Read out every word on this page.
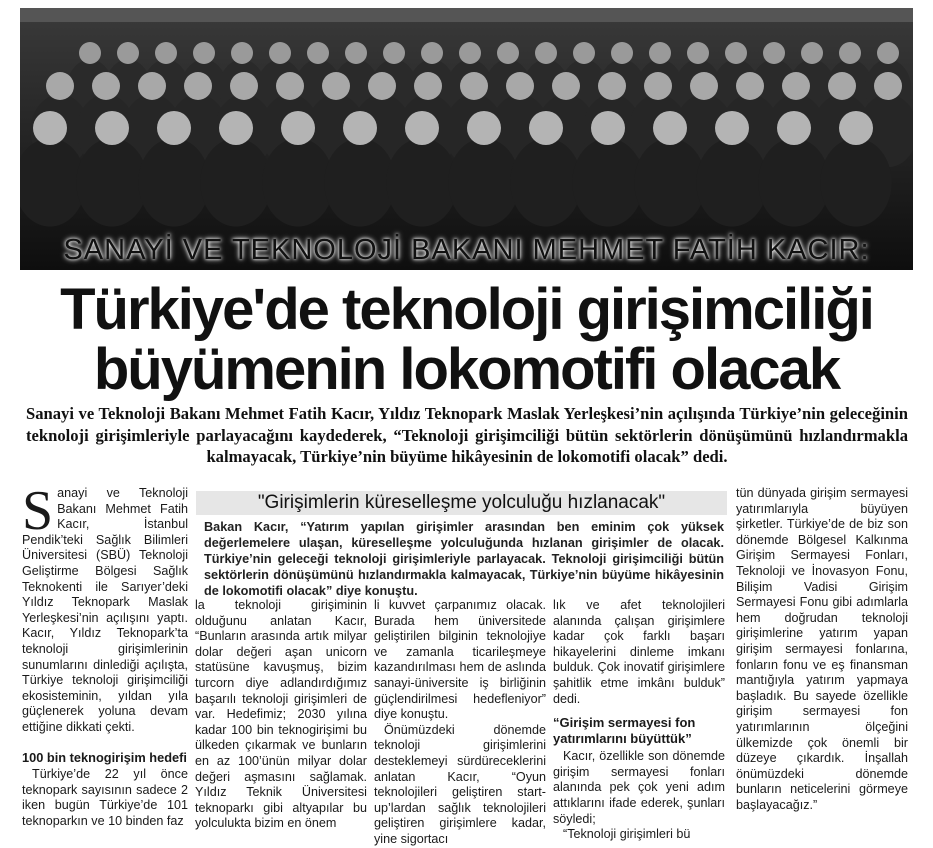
SANAYİ VE TEKNOLOJİ BAKANI MEHMET FATİH KACIR:
Türkiye'de teknoloji girişimciliği
büyümenin lokomotifi olacak
Sanayi ve Teknoloji Bakanı Mehmet Fatih Kacır, Yıldız Teknopark Maslak Yerleşkesi’nin açılışında Türkiye’nin geleceğinin teknoloji girişimleriyle parlayacağını kaydederek, “Teknoloji girişimciliği bütün sektörlerin dönüşümünü hızlandırmakla kalmayacak, Türkiye’nin büyüme hikâyesinin de lokomotifi olacak” dedi.
S anayi ve Teknoloji Bakanı Mehmet Fatih Kacır, İstanbul Pendik’teki Sağlık Bilimleri Üniversitesi (SBÜ) Teknoloji Geliştirme Bölgesi Sağlık Teknokenti ile Sarıyer’deki Yıldız Teknopark Maslak Yerleşkesi’nin açılışını yaptı. Kacır, Yıldız Teknopark’ta teknoloji girişimlerinin sunumlarını dinlediği açılışta, Türkiye teknoloji girişimciliği ekosisteminin, yıldan yıla güçlenerek yoluna devam ettiğine dikkati çekti.

100 bin teknogirişim hedefi

Türkiye’de 22 yıl önce teknopark sayısının sadece 2 iken bugün Türkiye’de 101 teknoparkın ve 10 binden faz

"Girişimlerin küreselleşme yolculuğu hızlanacak"
Bakan Kacır, “Yatırım yapılan girişimler arasından ben eminim çok yüksek değerlemelere ulaşan, küreselleşme yolculuğunda hızlanan girişimler de olacak. Türkiye’nin geleceği teknoloji girişimleriyle parlayacak. Teknoloji girişimciliği bütün sektörlerin dönüşümünü hızlandırmakla kalmayacak, Türkiye’nin büyüme hikâyesinin de lokomotifi olacak” diye konuştu.

la teknoloji girişiminin olduğunu anlatan Kacır, “Bunların arasında artık milyar dolar değeri aşan unicorn statüsüne kavuşmuş, bizim turcorn diye adlandırdığımız başarılı teknoloji girişimleri de var. Hedefimiz; 2030 yılına kadar 100 bin teknogirişimi bu ülkeden çıkarmak ve bunların en az 100’ünün milyar dolar değeri aşmasını sağlamak. Yıldız Teknik Üniversitesi teknoparkı gibi altyapılar bu yolculukta bizim en önem

li kuvvet çarpanımız olacak. Burada hem üniversitede geliştirilen bilginin teknolojiye ve zamanla ticarileşmeye kazandırılması hem de aslında sanayi-üniversite iş birliğinin güçlendirilmesi hedefleniyor” diye konuştu.

Önümüzdeki dönemde teknoloji girişimlerini desteklemeyi sürdüreceklerini anlatan Kacır, “Oyun teknolojileri geliştiren start-up’lardan sağlık teknolojileri geliştiren girişimlere kadar, yine sigortacı

lık ve afet teknolojileri alanında çalışan girişimlere kadar çok farklı başarı hikayelerini dinleme imkanı bulduk. Çok inovatif girişimlere şahitlik etme imkânı bulduk” dedi.

“Girişim sermayesi fon yatırımlarını büyüttük”

Kacır, özellikle son dönemde girişim sermayesi fonları alanında pek çok yeni adım attıklarını ifade ederek, şunları söyledi;

“Teknoloji girişimleri bü

tün dünyada girişim sermayesi yatırımlarıyla büyüyen şirketler. Türkiye’de de biz son dönemde Bölgesel Kalkınma Girişim Sermayesi Fonları, Teknoloji ve İnovasyon Fonu, Bilişim Vadisi Girişim Sermayesi Fonu gibi adımlarla hem doğrudan teknoloji girişimlerine yatırım yapan girişim sermayesi fonlarına, fonların fonu ve eş finansman mantığıyla yatırım yapmaya başladık. Bu sayede özellikle girişim sermayesi fon yatırımlarının ölçeğini ülkemizde çok önemli bir düzeye çıkardık. İnşallah önümüzdeki dönemde bunların neticelerini görmeye başlayacağız.”
